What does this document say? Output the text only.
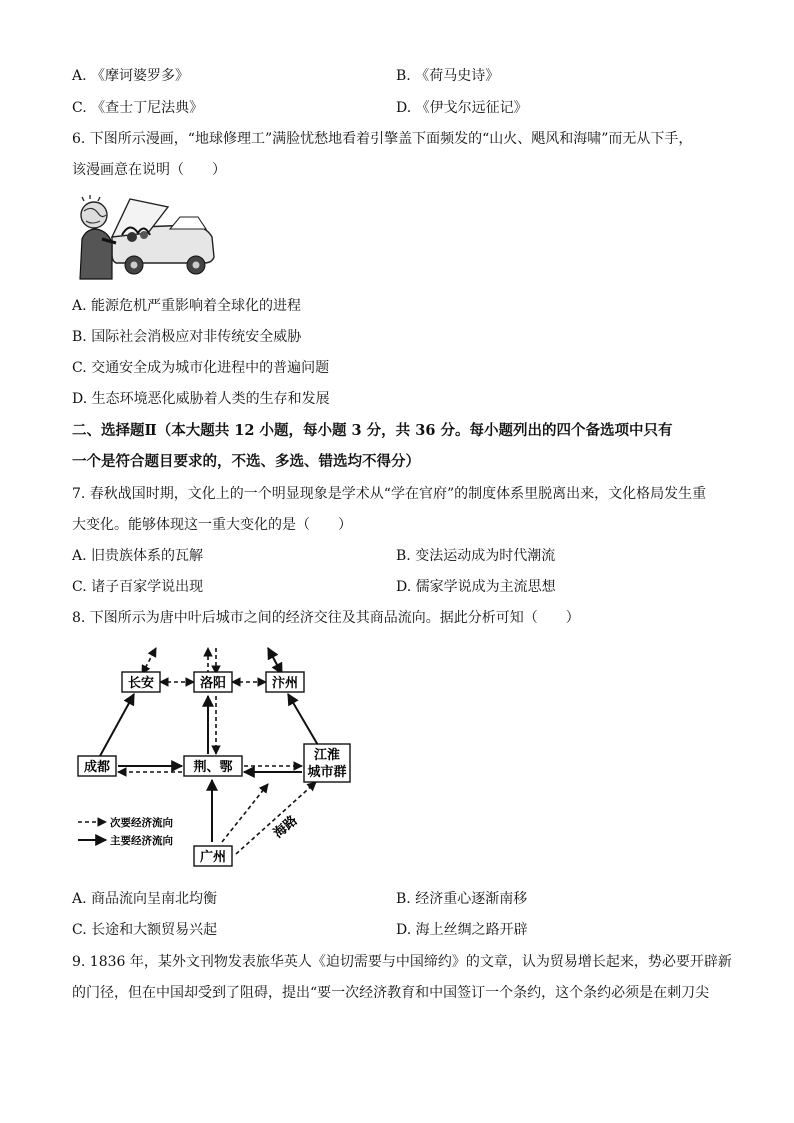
A. 《摩诃婆罗多》	B. 《荷马史诗》
C. 《查士丁尼法典》	D. 《伊戈尔远征记》
6. 下图所示漫画，“地球修理工”满脸忧愁地看着引擎盖下面频发的“山火、飓风和海啸”而无从下手，
该漫画意在说明（　　）
A. 能源危机严重影响着全球化的进程
B. 国际社会消极应对非传统安全威胁
C. 交通安全成为城市化进程中的普遍问题
D. 生态环境恶化威胁着人类的生存和发展
二、选择题Ⅱ（本大题共 12 小题，每小题 3 分，共 36 分。每小题列出的四个备选项中只有
一个是符合题目要求的，不选、多选、错选均不得分）
7. 春秋战国时期，文化上的一个明显现象是学术从“学在官府”的制度体系里脱离出来，文化格局发生重
大变化。能够体现这一重大变化的是（　　）
A. 旧贵族体系的瓦解	B. 变法运动成为时代潮流
C. 诸子百家学说出现	D. 儒家学说成为主流思想
8. 下图所示为唐中叶后城市之间的经济交往及其商品流向。据此分析可知（　　）
长安	洛阳	汴州
成都	荆、鄂
江淮
城市群
广州
海路
次要经济流向
主要经济流向
A. 商品流向呈南北均衡	B. 经济重心逐渐南移
C. 长途和大额贸易兴起	D. 海上丝绸之路开辟
9. 1836 年，某外文刊物发表旅华英人《迫切需要与中国缔约》的文章，认为贸易增长起来，势必要开辟新
的门径，但在中国却受到了阻碍，提出“要一次经济教育和中国签订一个条约，这个条约必须是在刺刀尖
